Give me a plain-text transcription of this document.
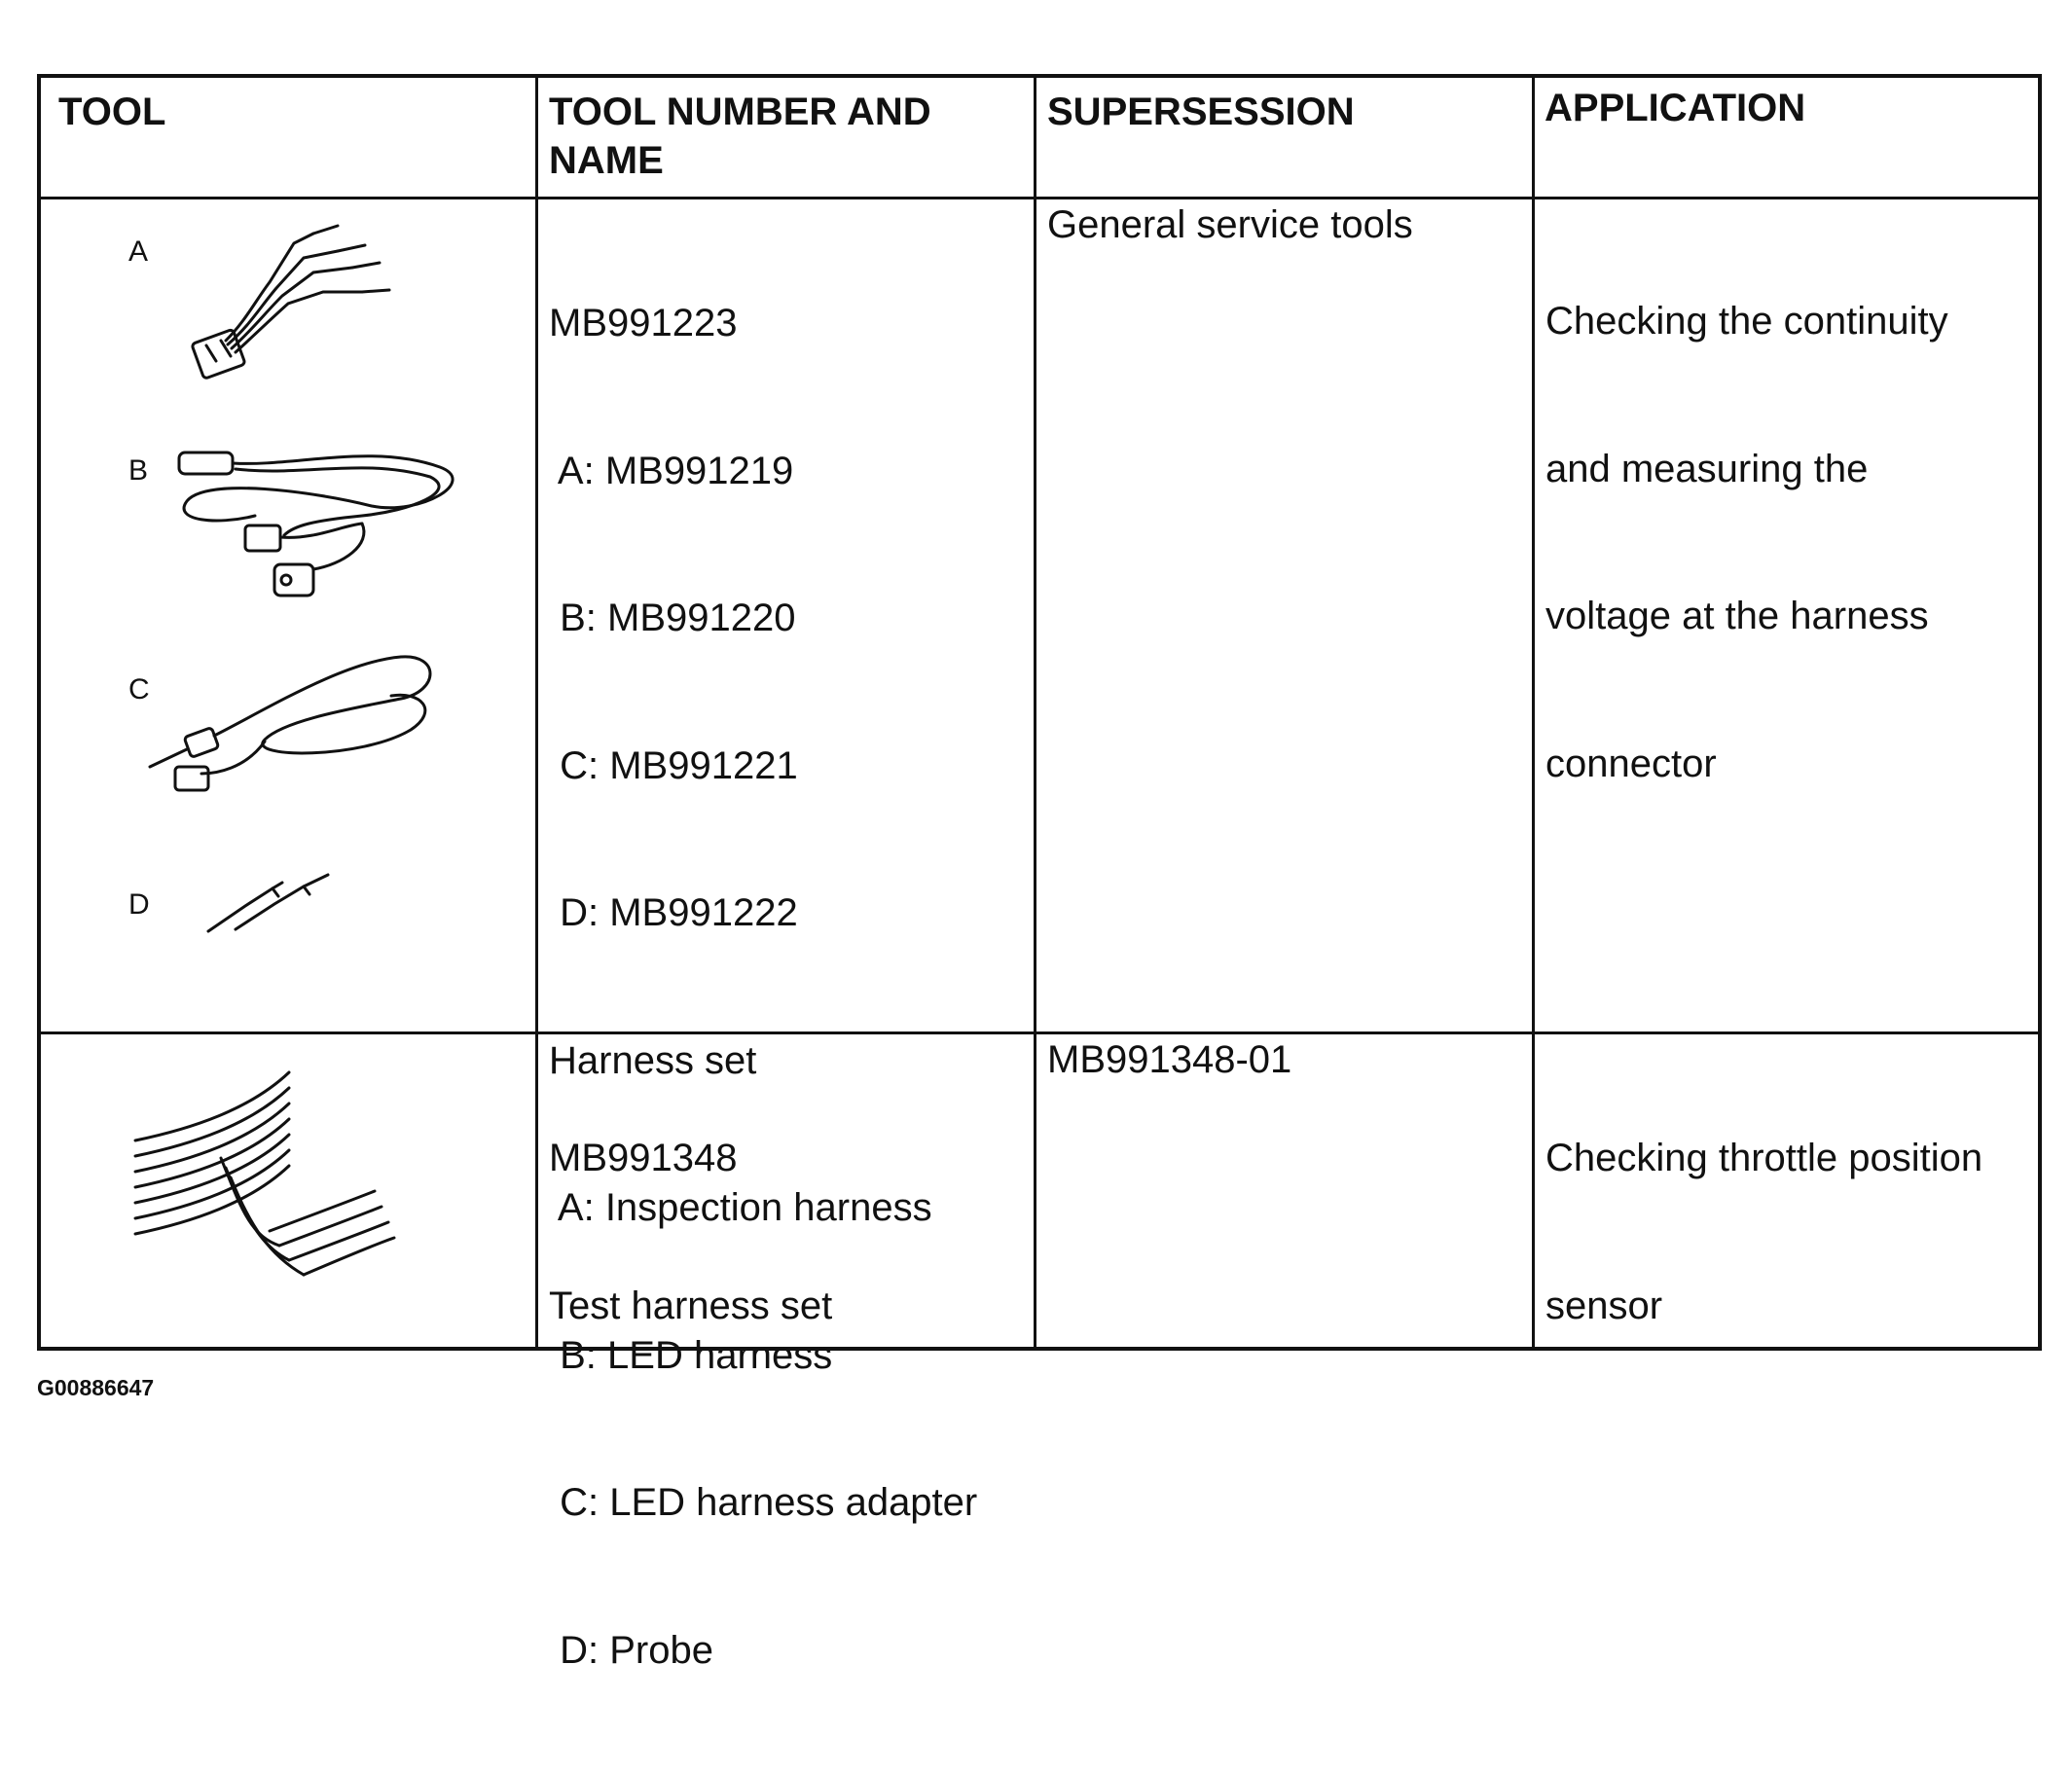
TOOL	TOOL NUMBER AND
NAME
SUPERSESSION	APPLICATION
A
B
C
D

MB991223

A: MB991219

B: MB991220

C: MB991221

D: MB991222

Harness set

A: Inspection harness

B: LED harness

C: LED harness adapter

D: Probe

General service tools

Checking the continuity

and measuring the

voltage at the harness

connector

MB991348

Test harness set

MB991348-01

Checking throttle position

sensor

G00886647
